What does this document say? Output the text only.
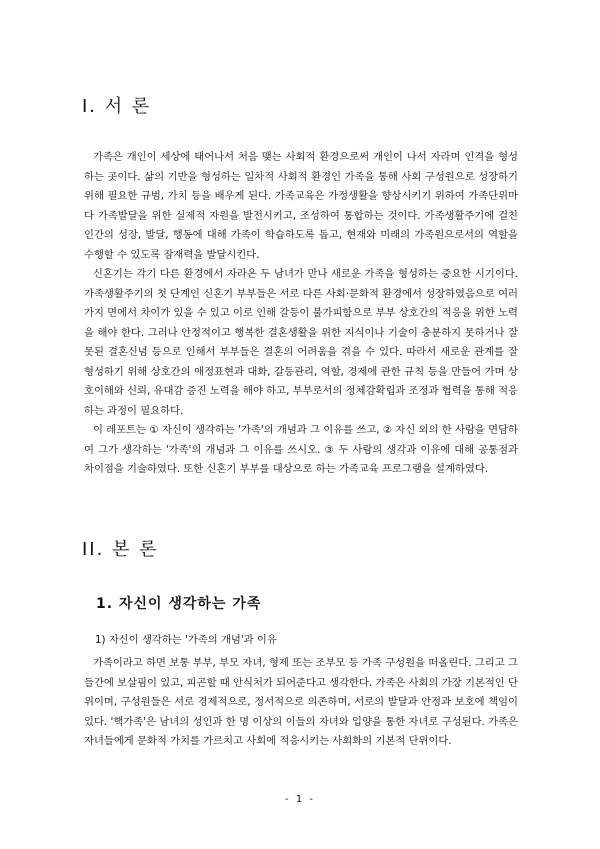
I. 서 론

가족은 개인이 세상에 태어나서 처음 맺는 사회적 환경으로써 개인이 나서 자라며 인격을 형성하는 곳이다. 삶의 기반을 형성하는 일차적 사회적 환경인 가족을 통해 사회 구성원으로 성장하기 위해 필요한 규범, 가치 등을 배우게 된다. 가족교육은 가정생활을 향상시키기 위하여 가족단위마다 가족발달을 위한 실제적 자원을 발전시키고, 조성하여 통합하는 것이다. 가족생활주기에 걸친 인간의 성장, 발달, 행동에 대해 가족이 학습하도록 돕고, 현재와 미래의 가족원으로서의 역할을 수행할 수 있도록 잠재력을 발달시킨다.

신혼기는 각기 다른 환경에서 자라온 두 남녀가 만나 새로운 가족을 형성하는 중요한 시기이다. 가족생활주기의 첫 단계인 신혼기 부부들은 서로 다른 사회·문화적 환경에서 성장하였음으로 여러 가지 면에서 차이가 있을 수 있고 이로 인해 갈등이 불가피함으로 부부 상호간의 적응을 위한 노력을 해야 한다. 그러나 안정적이고 행복한 결혼생활을 위한 지식이나 기술이 충분하지 못하거나 잘못된 결혼신념 등으로 인해서 부부들은 결혼의 어려움을 겪을 수 있다. 따라서 새로운 관계를 잘 형성하기 위해 상호간의 애정표현과 대화, 갈등관리, 역할, 경제에 관한 규칙 등을 만들어 가며 상호이해와 신뢰, 유대감 증진 노력을 해야 하고, 부부로서의 정체감확립과 조정과 협력을 통해 적응하는 과정이 필요하다.

이 레포트는 ① 자신이 생각하는 '가족'의 개념과 그 이유를 쓰고, ② 자신 외의 한 사람을 면담하여 그가 생각하는 '가족'의 개념과 그 이유를 쓰시오. ③ 두 사람의 생각과 이유에 대해 공통점과 차이점을 기술하였다. 또한 신혼기 부부를 대상으로 하는 가족교육 프로그램을 설계하였다.

II. 본 론
1. 자신이 생각하는 가족
1) 자신이 생각하는 '가족의 개념'과 이유

가족이라고 하면 보통 부부, 부모 자녀, 형제 또는 조부모 등 가족 구성원을 떠올린다. 그리고 그들간에 보살핌이 있고, 피곤할 때 안식처가 되어준다고 생각한다. 가족은 사회의 가장 기본적인 단위이며, 구성원들은 서로 경제적으로, 정서적으로 의존하며, 서로의 발달과 안정과 보호에 책임이 있다. '핵가족'은 남녀의 성인과 한 명 이상의 이들의 자녀와 입양을 통한 자녀로 구성된다. 가족은 자녀들에게 문화적 가치를 가르치고 사회에 적응시키는 사회화의 기본적 단위이다.

- 1 -
